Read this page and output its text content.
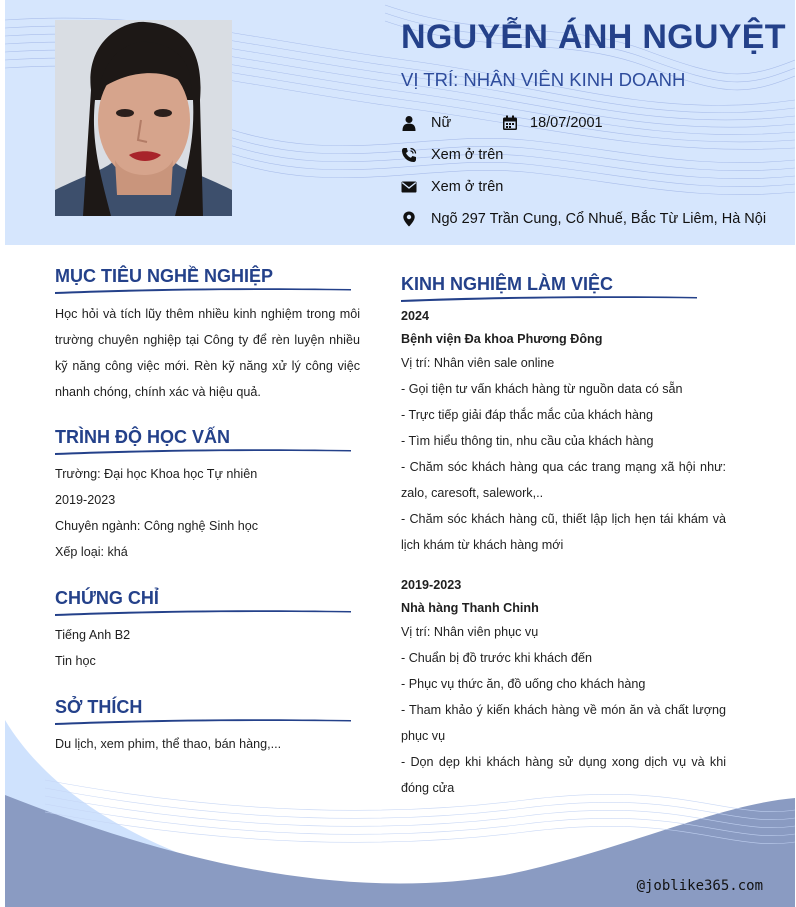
NGUYỄN ÁNH NGUYỆT
VỊ TRÍ: NHÂN VIÊN KINH DOANH
Nữ	18/07/2001
Xem ở trên
Xem ở trên
Ngõ 297 Trần Cung, Cổ Nhuế, Bắc Từ Liêm, Hà Nội
MỤC TIÊU NGHỀ NGHIỆP
Học hỏi và tích lũy thêm nhiều kinh nghiệm trong môi trường chuyên nghiệp tại Công ty để rèn luyện nhiều kỹ năng công việc mới. Rèn kỹ năng xử lý công việc nhanh chóng, chính xác và hiệu quả.
TRÌNH ĐỘ HỌC VẤN
Trường: Đại học Khoa học Tự nhiên
2019-2023
Chuyên ngành: Công nghệ Sinh học
Xếp loại: khá
CHỨNG CHỈ
Tiếng Anh B2
Tin học
SỞ THÍCH
Du lịch, xem phim, thể thao, bán hàng,...
KINH NGHIỆM LÀM VIỆC
2024
Bệnh viện Đa khoa Phương Đông
Vị trí: Nhân viên sale online
- Gọi tiện tư vấn khách hàng từ nguồn data có sẵn
- Trực tiếp giải đáp thắc mắc của khách hàng
- Tìm hiểu thông tin, nhu cầu của khách hàng
- Chăm sóc khách hàng qua các trang mạng xã hội như: zalo, caresoft, salework,..
- Chăm sóc khách hàng cũ, thiết lập lịch hẹn tái khám và lịch khám từ khách hàng mới
2019-2023
Nhà hàng Thanh Chinh
Vị trí: Nhân viên phục vụ
- Chuẩn bị đồ trước khi khách đến
- Phục vụ thức ăn, đồ uống cho khách hàng
- Tham khảo ý kiến khách hàng về món ăn và chất lượng phục vụ
- Dọn dẹp khi khách hàng sử dụng xong dịch vụ và khi đóng cửa
@joblike365.com
